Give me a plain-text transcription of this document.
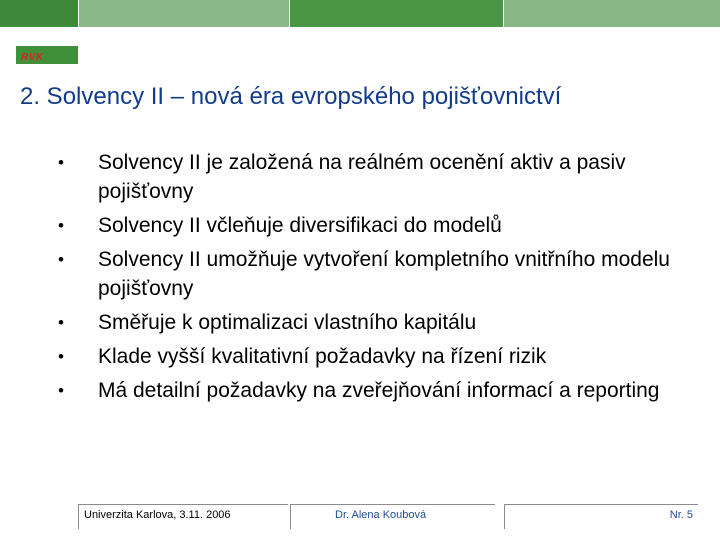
RVK
2. Solvency II – nová éra evropského pojišťovnictví
• Solvency II je založená na reálném ocenění aktiv a pasiv pojišťovny
• Solvency II včleňuje diversifikaci do modelů
• Solvency II umožňuje vytvoření kompletního vnitřního modelu pojišťovny
• Směřuje k optimalizaci vlastního kapitálu
• Klade vyšší kvalitativní požadavky na řízení rizik
• Má detailní požadavky na zveřejňování informací a reporting
Univerzita Karlova, 3.11. 2006	Dr. Alena Koubová	Nr. 5
